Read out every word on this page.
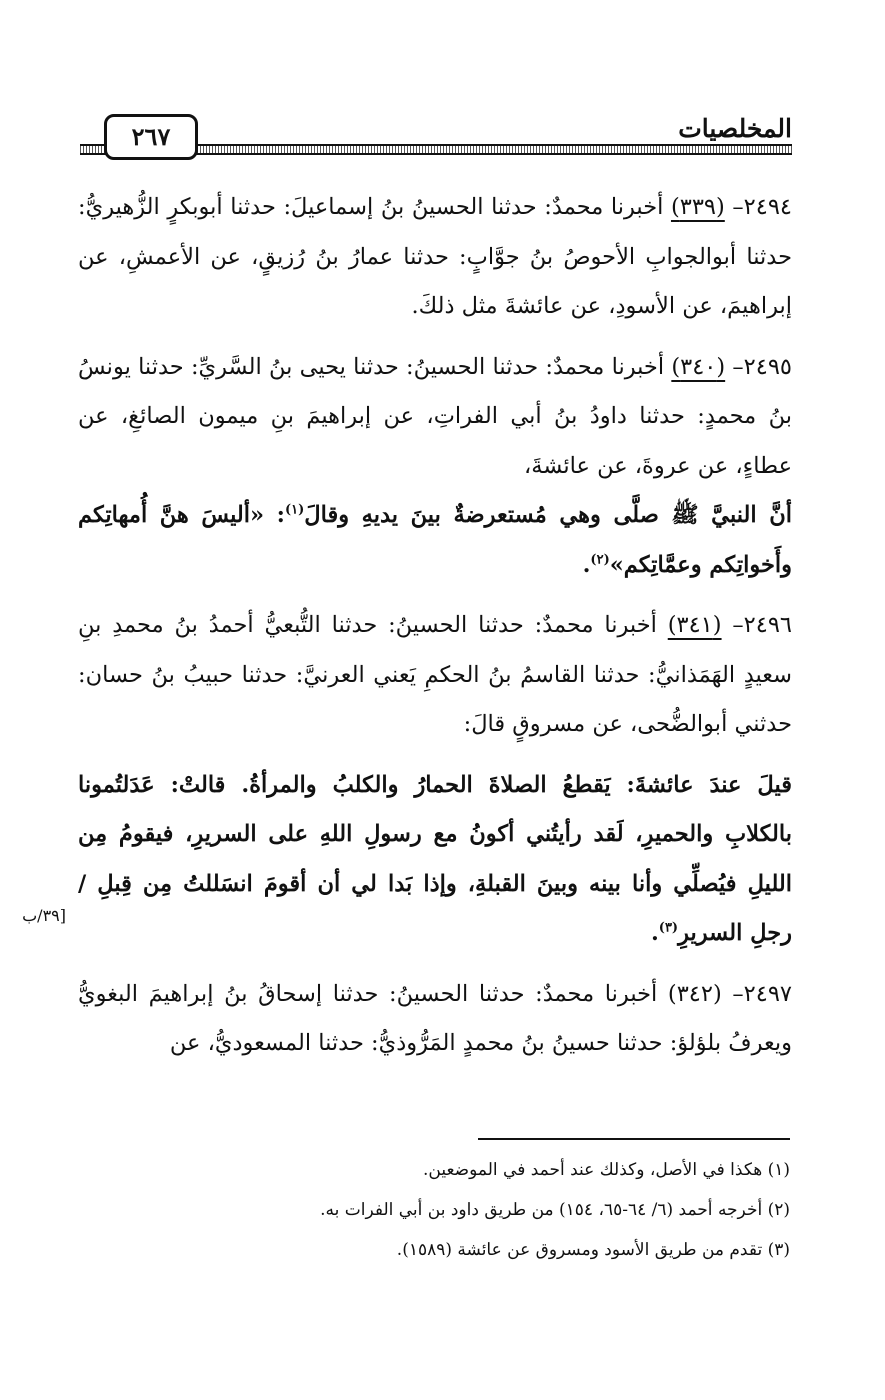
المخلصيات
٢٦٧
[٣٩/ب

٢٤٩٤– (٣٣٩) أخبرنا محمدٌ: حدثنا الحسينُ بنُ إسماعيلَ: حدثنا أبوبكرٍ الزُّهيريُّ: حدثنا أبوالجوابِ الأحوصُ بنُ جوَّابٍ: حدثنا عمارُ بنُ رُزيقٍ، عن الأعمشِ، عن إبراهيمَ، عن الأسودِ، عن عائشةَ مثل ذلكَ.

٢٤٩٥– (٣٤٠) أخبرنا محمدٌ: حدثنا الحسينُ: حدثنا يحيى بنُ السَّريِّ: حدثنا يونسُ بنُ محمدٍ: حدثنا داودُ بنُ أبي الفراتِ، عن إبراهيمَ بنِ ميمون الصائغِ، عن عطاءٍ، عن عروةَ، عن عائشةَ،

أنَّ النبيَّ ﷺ صلَّى وهي مُستعرضةٌ بينَ يديهِ وقالَ$^{(١)}$: «أليسَ هنَّ أُمهاتِكم وأَخواتِكم وعمَّاتِكم»$^{(٢)}$.

٢٤٩٦– (٣٤١) أخبرنا محمدٌ: حدثنا الحسينُ: حدثنا التُّبعيُّ أحمدُ بنُ محمدِ بنِ سعيدٍ الهَمَذانيُّ: حدثنا القاسمُ بنُ الحكمِ يَعني العرنيَّ: حدثنا حبيبُ بنُ حسان: حدثني أبوالضُّحى، عن مسروقٍ قالَ:

قيلَ عندَ عائشةَ: يَقطعُ الصلاةَ الحمارُ والكلبُ والمرأةُ. قالتْ: عَدَلتُمونا بالكلابِ والحميرِ، لَقد رأيتُني أكونُ مع رسولِ اللهِ على السريرِ، فيقومُ مِن الليلِ فيُصلِّي وأنا بينه وبينَ القبلةِ، وإذا بَدا لي أن أقومَ انسَللتُ مِن قِبلِ / رجلِ السريرِ$^{(٣)}$.

٢٤٩٧– (٣٤٢) أخبرنا محمدٌ: حدثنا الحسينُ: حدثنا إسحاقُ بنُ إبراهيمَ البغويُّ ويعرفُ بلؤلؤ: حدثنا حسينُ بنُ محمدٍ المَرُّوذيُّ: حدثنا المسعوديُّ، عن

(١) هكذا في الأصل، وكذلك عند أحمد في الموضعين.

(٢) أخرجه أحمد (٦/ ٦٤-٦٥، ١٥٤) من طريق داود بن أبي الفرات به.

(٣) تقدم من طريق الأسود ومسروق عن عائشة (١٥٨٩).
